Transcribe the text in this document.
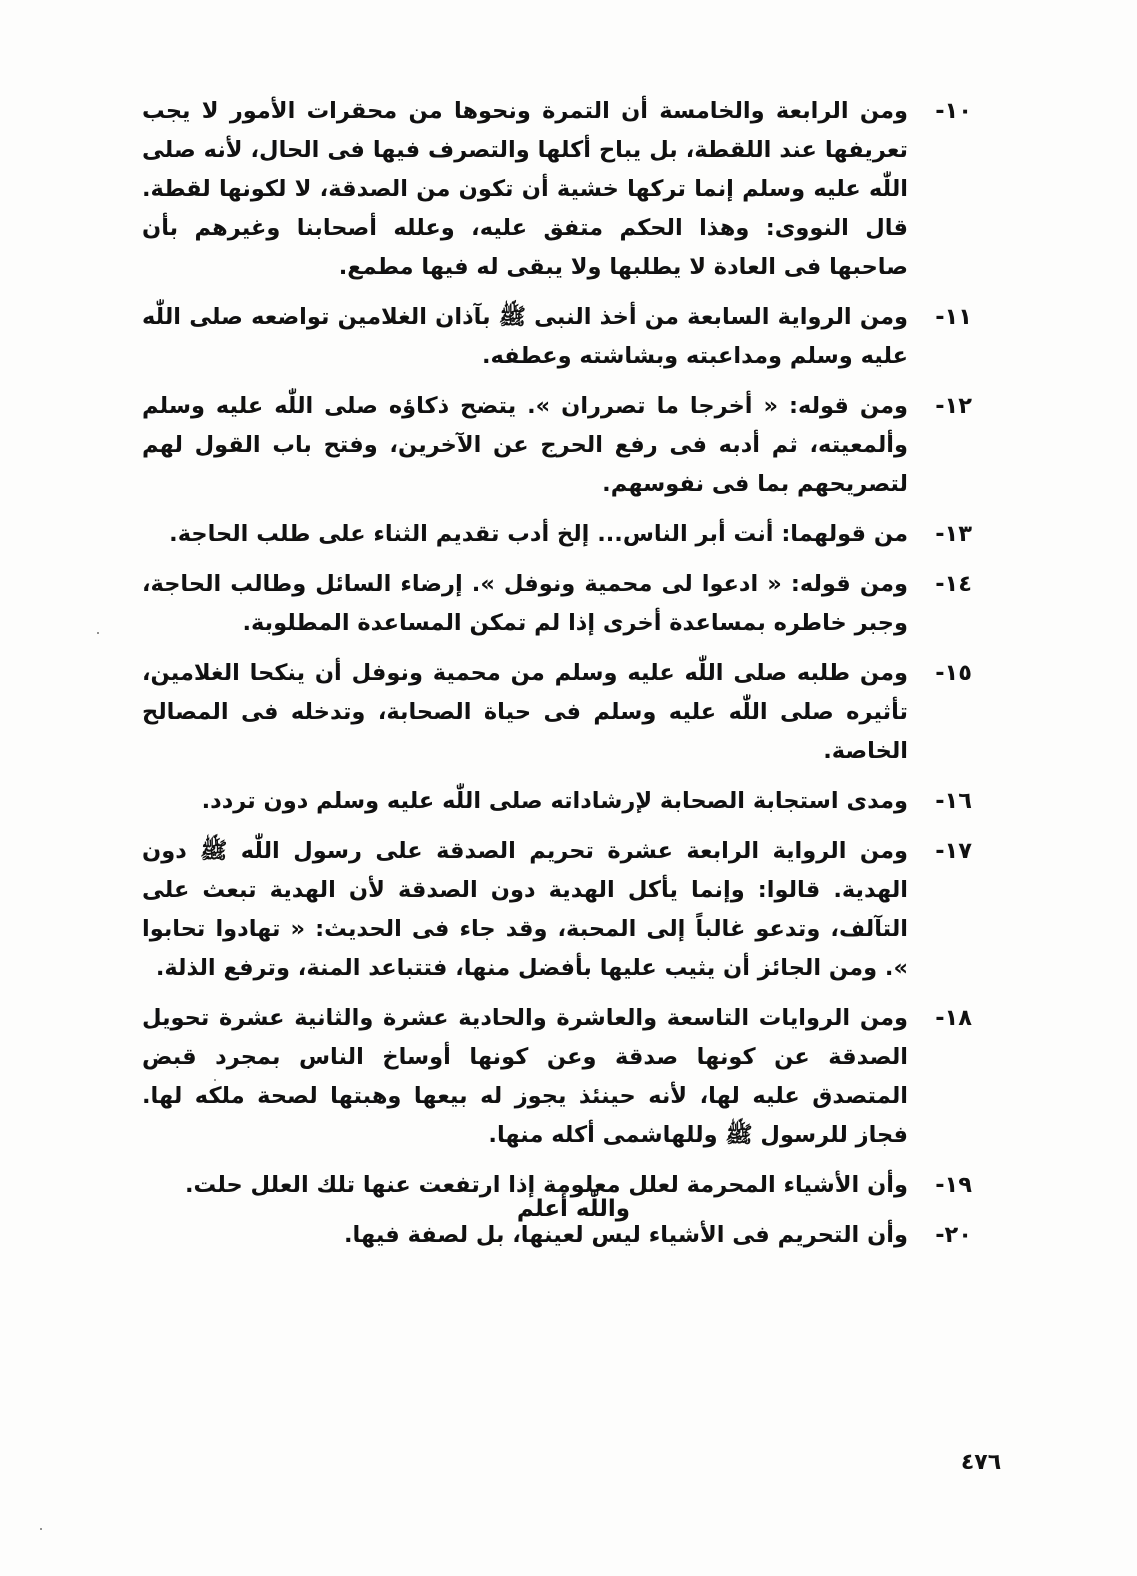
١٠-
ومن الرابعة والخامسة أن التمرة ونحوها من محقرات الأمور لا يجب تعريفها عند اللقطة، بل يباح أكلها والتصرف فيها فى الحال، لأنه صلى اللّٰه عليه وسلم إنما تركها خشية أن تكون من الصدقة، لا لكونها لقطة. قال النووى: وهذا الحكم متفق عليه، وعلله أصحابنا وغيرهم بأن صاحبها فى العادة لا يطلبها ولا يبقى له فيها مطمع.
١١-
ومن الرواية السابعة من أخذ النبى ﷺ بآذان الغلامين تواضعه صلى اللّٰه عليه وسلم ومداعبته وبشاشته وعطفه.
١٢-
ومن قوله: « أخرجا ما تصرران ». يتضح ذكاؤه صلى اللّٰه عليه وسلم وألمعيته، ثم أدبه فى رفع الحرج عن الآخرين، وفتح باب القول لهم لتصريحهم بما فى نفوسهم.
١٣-
من قولهما: أنت أبر الناس... إلخ أدب تقديم الثناء على طلب الحاجة.
١٤-
ومن قوله: « ادعوا لى محمية ونوفل ». إرضاء السائل وطالب الحاجة، وجبر خاطره بمساعدة أخرى إذا لم تمكن المساعدة المطلوبة.
١٥-
ومن طلبه صلى اللّٰه عليه وسلم من محمية ونوفل أن ينكحا الغلامين، تأثيره صلى اللّٰه عليه وسلم فى حياة الصحابة، وتدخله فى المصالح الخاصة.
١٦-
ومدى استجابة الصحابة لإرشاداته صلى اللّٰه عليه وسلم دون تردد.
١٧-
ومن الرواية الرابعة عشرة تحريم الصدقة على رسول اللّٰه ﷺ دون الهدية. قالوا: وإنما يأكل الهدية دون الصدقة لأن الهدية تبعث على التآلف، وتدعو غالباً إلى المحبة، وقد جاء فى الحديث: « تهادوا تحابوا ». ومن الجائز أن يثيب عليها بأفضل منها، فتتباعد المنة، وترفع الذلة.
١٨-
ومن الروايات التاسعة والعاشرة والحادية عشرة والثانية عشرة تحويل الصدقة عن كونها صدقة وعن كونها أوساخ الناس بمجرد قبض المتصدق عليه لها، لأنه حينئذ يجوز له بيعها وهبتها لصحة ملكه لها. فجاز للرسول ﷺ وللهاشمى أكله منها.
١٩-
وأن الأشياء المحرمة لعلل معلومة إذا ارتفعت عنها تلك العلل حلت.
٢٠-
وأن التحريم فى الأشياء ليس لعينها، بل لصفة فيها.
واللّٰه أعلم
٤٧٦
